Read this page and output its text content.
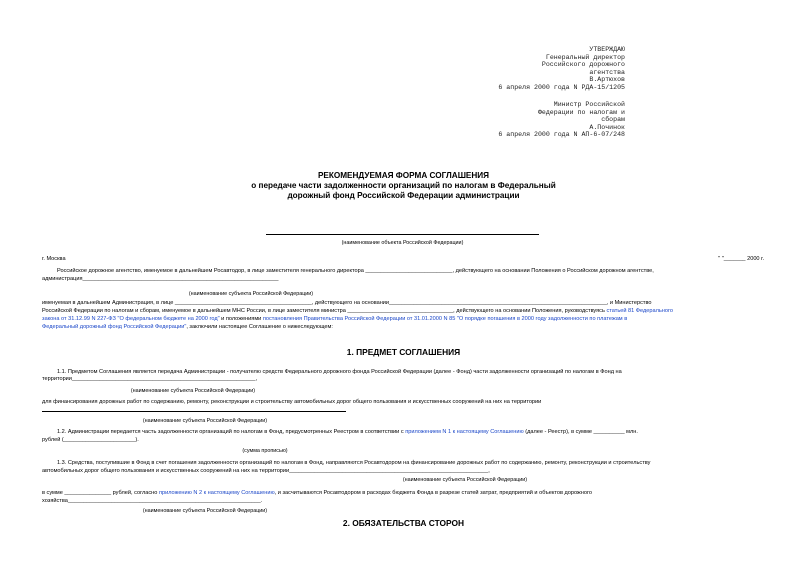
УТВЕРЖДАЮ
Генеральный директор
Российского дорожного
агентства
В.Артюхов
6 апреля 2000 года N РДА-15/1205
Министр Российской
Федерации по налогам и
сборам
А.Починок
6 апреля 2000 года N АП-6-07/248
РЕКОМЕНДУЕМАЯ ФОРМА СОГЛАШЕНИЯ
о передаче части задолженности организаций по налогам в Федеральный
дорожный фонд Российской Федерации администрации
(наименование объекта Российской Федерации)
г. Москва	" "_______ 2000 г.
Российское дорожное агентство, именуемое в дальнейшем Росавтодор, в лице заместителя генерального директора ____________________________, действующего на основании Положения о Российском дорожном агентстве,
администрация_______________________________________________________________
(наименование субъекта Российской Федерации)
именуемая в дальнейшем Администрация, в лице ____________________________________________, действующего на основании______________________________________________________________________, и Министерство
Российской Федерации по налогам и сборам, именуемое в дальнейшем МНС России, в лице заместителя министра __________________________________, действующего на основании Положения, руководствуясь статьей 81 Федерального
закона от 31.12.99 N 227-ФЗ "О федеральном бюджете на 2000 год" и положениями постановления Правительства Российской Федерации от 31.01.2000 N 85 "О порядке погашения в 2000 году задолженности по платежам в
Федеральный дорожный фонд Российской Федерации", заключили настоящее Соглашение о нижеследующем:
1. ПРЕДМЕТ СОГЛАШЕНИЯ
1.1. Предметом Соглашения является передача Администрации - получателю средств Федерального дорожного фонда Российской Федерации (далее - Фонд) части задолженности организаций по налогам в Фонд на
территории___________________________________________________________,
(наименование субъекта Российской Федерации)
для финансирования дорожных работ по содержанию, ремонту, реконструкции и строительству автомобильных дорог общего пользования и искусственных сооружений на них на территории
(наименование субъекта Российской Федерации)
1.2. Администрации передается часть задолженности организаций по налогам в Фонд, предусмотренных Реестром в соответствии с приложением N 1 к настоящему Соглашению (далее - Реестр), в сумме __________ млн.
рублей (_______________________).
(сумма прописью)
1.3. Средства, поступившие в Фонд в счет погашения задолженности организаций по налогам в Фонд, направляются Росавтодором на финансирование дорожных работ по содержанию, ремонту, реконструкции и строительству
автомобильных дорог общего пользования и искусственных сооружений на них на территории________________________________________________________________,
(наименование субъекта Российской Федерации)
в сумме _______________ рублей, согласно приложению N 2 к настоящему Соглашению, и засчитываются Росавтодором в расходах бюджета Фонда в разрезе статей затрат, предприятий и объектов дорожного
хозяйства______________________________________________________________.
(наименование субъекта Российской Федерации)
2. ОБЯЗАТЕЛЬСТВА СТОРОН
